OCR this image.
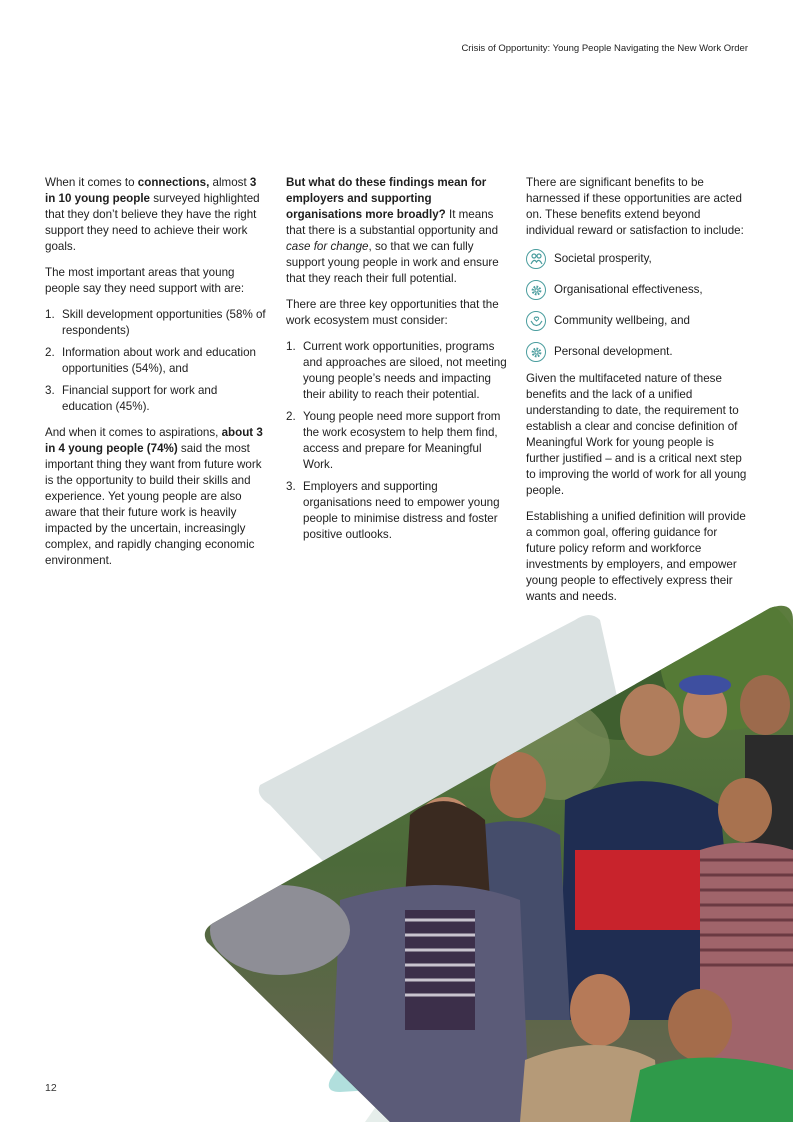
Crisis of Opportunity: Young People Navigating the New Work Order

When it comes to connections, almost 3 in 10 young people surveyed highlighted that they don’t believe they have the right support they need to achieve their work goals.

The most important areas that young people say they need support with are:

1. Skill development opportunities (58% of respondents)
2. Information about work and education opportunities (54%), and
3. Financial support for work and education (45%).

And when it comes to aspirations, about 3 in 4 young people (74%) said the most important thing they want from future work is the opportunity to build their skills and experience. Yet young people are also aware that their future work is heavily impacted by the uncertain, increasingly complex, and rapidly changing economic environment.

But what do these findings mean for employers and supporting organisations more broadly? It means that there is a substantial opportunity and case for change, so that we can fully support young people in work and ensure that they reach their full potential.

There are three key opportunities that the work ecosystem must consider:

1. Current work opportunities, programs and approaches are siloed, not meeting young people’s needs and impacting their ability to reach their potential.
2. Young people need more support from the work ecosystem to help them find, access and prepare for Meaningful Work.
3. Employers and supporting organisations need to empower young people to minimise distress and foster positive outlooks.

There are significant benefits to be harnessed if these opportunities are acted on. These benefits extend beyond individual reward or satisfaction to include:

Societal prosperity,
Organisational effectiveness,
Community wellbeing, and
Personal development.

Given the multifaceted nature of these benefits and the lack of a unified understanding to date, the requirement to establish a clear and concise definition of Meaningful Work for young people is further justified – and is a critical next step to improving the world of work for all young people.

Establishing a unified definition will provide a common goal, offering guidance for future policy reform and workforce investments by employers, and empower young people to effectively express their wants and needs.

12
